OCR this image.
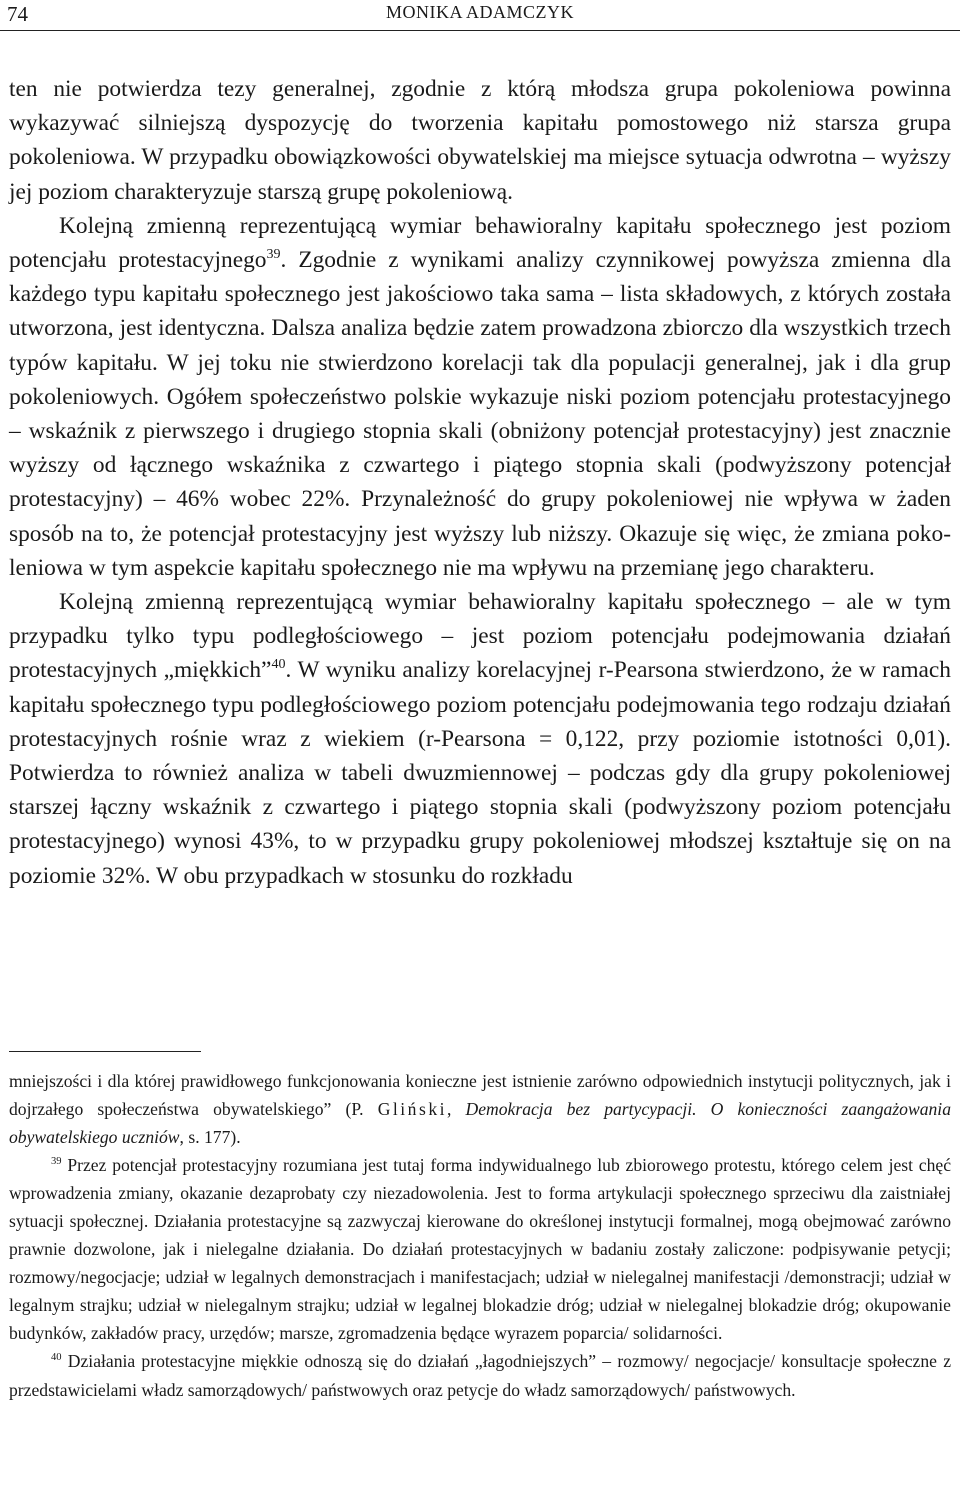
74	MONIKA ADAMCZYK

ten nie potwierdza tezy generalnej, zgodnie z którą młodsza grupa pokoleniowa powinna wykazywać silniejszą dyspozycję do tworzenia kapitału pomostowego niż starsza grupa pokoleniowa. W przypadku obowiązkowości obywatelskiej ma miejsce sytuacja odwrotna – wyższy jej poziom charakteryzuje starszą grupę pokoleniową.

Kolejną zmienną reprezentującą wymiar behawioralny kapitału społecznego jest poziom potencjału protestacyjnego$^{39}$. Zgodnie z wynikami analizy czynnikowej powyższa zmienna dla każdego typu kapitału społecznego jest jakościowo taka sama – lista składowych, z których została utworzona, jest identyczna. Dalsza analiza będzie zatem prowadzona zbiorczo dla wszystkich trzech typów kapitału. W jej toku nie stwierdzono korelacji tak dla populacji generalnej, jak i dla grup pokoleniowych. Ogółem społeczeństwo polskie wykazuje niski poziom potencjału protestacyjnego – wskaźnik z pierwszego i drugiego stopnia skali (obniżony potencjał protestacyjny) jest znacznie wyższy od łącznego wskaźnika z czwartego i piątego stopnia skali (podwyższony potencjał protestacyjny) – 46% wobec 22%. Przynależność do grupy pokoleniowej nie wpływa w żaden sposób na to, że potencjał protestacyjny jest wyższy lub niższy. Okazuje się więc, że zmiana pokoleniowa w tym aspekcie kapitału społecznego nie ma wpływu na przemianę jego charakteru.

Kolejną zmienną reprezentującą wymiar behawioralny kapitału społecznego – ale w tym przypadku tylko typu podległościowego – jest poziom potencjału podejmowania działań protestacyjnych „miękkich”$^{40}$. W wyniku analizy korelacyjnej r-Pearsona stwierdzono, że w ramach kapitału społecznego typu podległościowego poziom potencjału podejmowania tego rodzaju działań protestacyjnych rośnie wraz z wiekiem (r-Pearsona = 0,122, przy poziomie istotności 0,01). Potwierdza to również analiza w tabeli dwuzmiennowej – podczas gdy dla grupy pokoleniowej starszej łączny wskaźnik z czwartego i piątego stopnia skali (podwyższony poziom potencjału protestacyjnego) wynosi 43%, to w przypadku grupy pokoleniowej młodszej kształtuje się on na poziomie 32%. W obu przypadkach w stosunku do rozkładu

mniejszości i dla której prawidłowego funkcjonowania konieczne jest istnienie zarówno odpowiednich instytucji politycznych, jak i dojrzałego społeczeństwa obywatelskiego” (P. Gliński, Demokracja bez partycypacji. O konieczności zaangażowania obywatelskiego uczniów, s. 177).

$^{39}$ Przez potencjał protestacyjny rozumiana jest tutaj forma indywidualnego lub zbiorowego protestu, którego celem jest chęć wprowadzenia zmiany, okazanie dezaprobaty czy niezadowolenia. Jest to forma artykulacji społecznego sprzeciwu dla zaistniałej sytuacji społecznej. Działania protestacyjne są zazwyczaj kierowane do określonej instytucji formalnej, mogą obejmować zarówno prawnie dozwolone, jak i nielegalne działania. Do działań protestacyjnych w badaniu zostały zaliczone: podpisywanie petycji; rozmowy/negocjacje; udział w legalnych demonstracjach i manifestacjach; udział w nielegalnej manifestacji /demonstracji; udział w legalnym strajku; udział w nielegalnym strajku; udział w legalnej blokadzie dróg; udział w nielegalnej blokadzie dróg; okupowanie budynków, zakładów pracy, urzędów; marsze, zgromadzenia będące wyrazem poparcia/ solidarności.

$^{40}$ Działania protestacyjne miękkie odnoszą się do działań „łagodniejszych” – rozmowy/ negocjacje/ konsultacje społeczne z przedstawicielami władz samorządowych/ państwowych oraz petycje do władz samorządowych/ państwowych.
